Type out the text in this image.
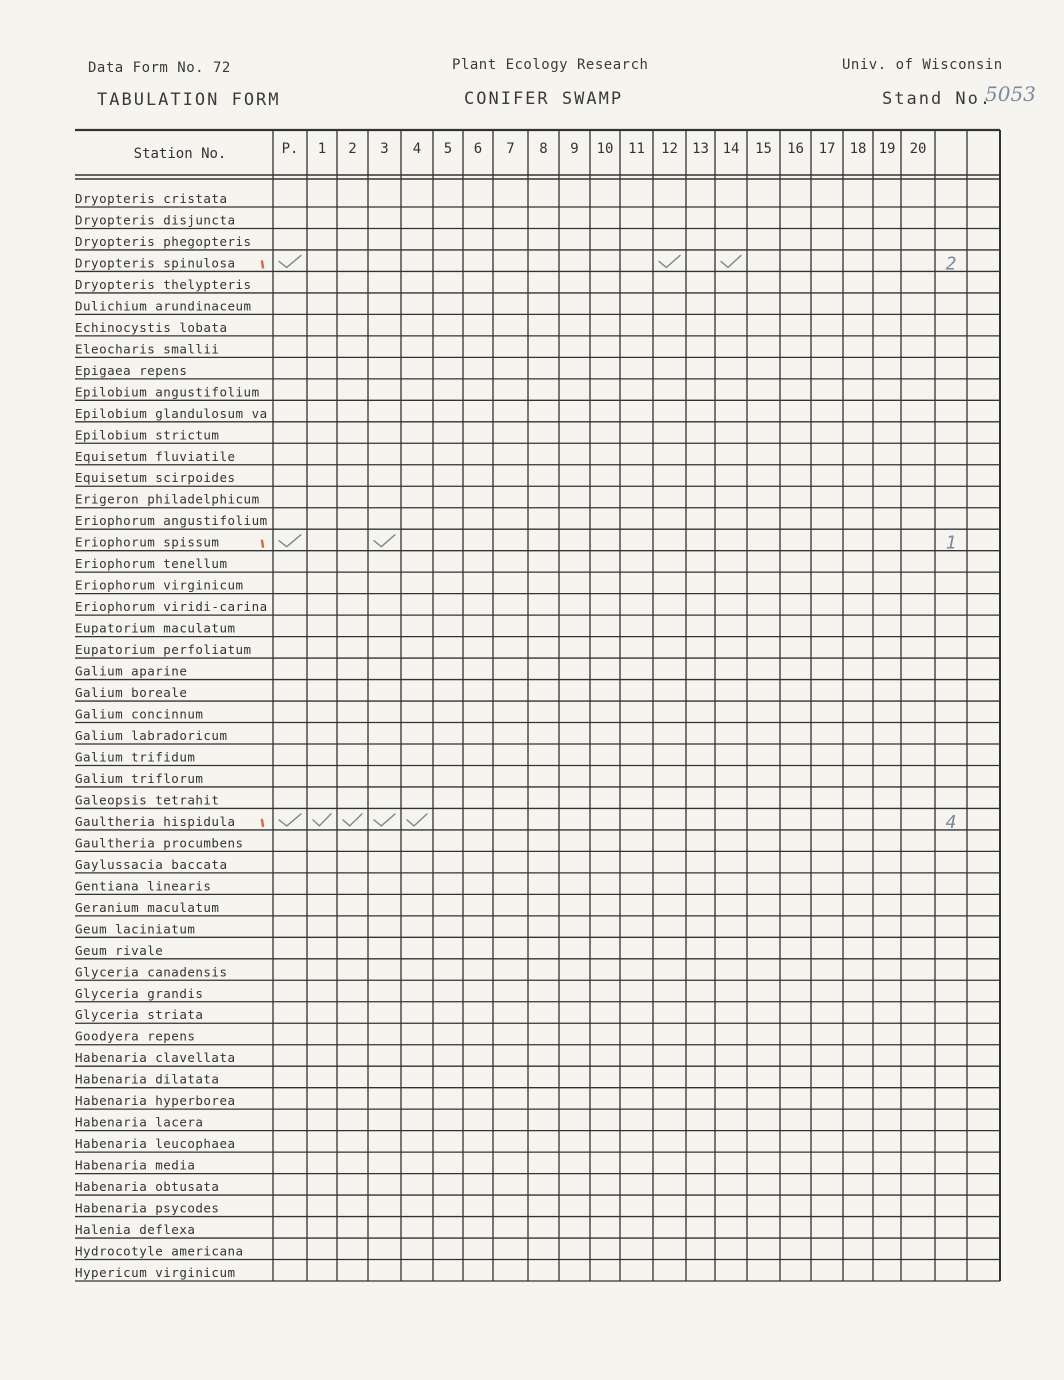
Data Form No. 72
TABULATION FORM
Plant Ecology Research
CONIFER SWAMP
Univ. of Wisconsin
Stand No.
5053
Station No.	P. 1 2 3 4 5 6 7 8 9 10 11 12 13 14 15 16 17 18 19 20
Dryopteris cristata
Dryopteris disjuncta
Dryopteris phegopteris
Dryopteris spinulosa
Dryopteris thelypteris
Dulichium arundinaceum
Echinocystis lobata
Eleocharis smallii
Epigaea repens
Epilobium angustifolium
Epilobium glandulosum va
Epilobium strictum
Equisetum fluviatile
Equisetum scirpoides
Erigeron philadelphicum
Eriophorum angustifolium
Eriophorum spissum
Eriophorum tenellum
Eriophorum virginicum
Eriophorum viridi-carina
Eupatorium maculatum
Eupatorium perfoliatum
Galium aparine
Galium boreale
Galium concinnum
Galium labradoricum
Galium trifidum
Galium triflorum
Galeopsis tetrahit
Gaultheria hispidula
Gaultheria procumbens
Gaylussacia baccata
Gentiana linearis
Geranium maculatum
Geum laciniatum
Geum rivale
Glyceria canadensis
Glyceria grandis
Glyceria striata
Goodyera repens
Habenaria clavellata
Habenaria dilatata
Habenaria hyperborea
Habenaria lacera
Habenaria leucophaea
Habenaria media
Habenaria obtusata
Habenaria psycodes
Halenia deflexa
Hydrocotyle americana
Hypericum virginicum
2
1
4
